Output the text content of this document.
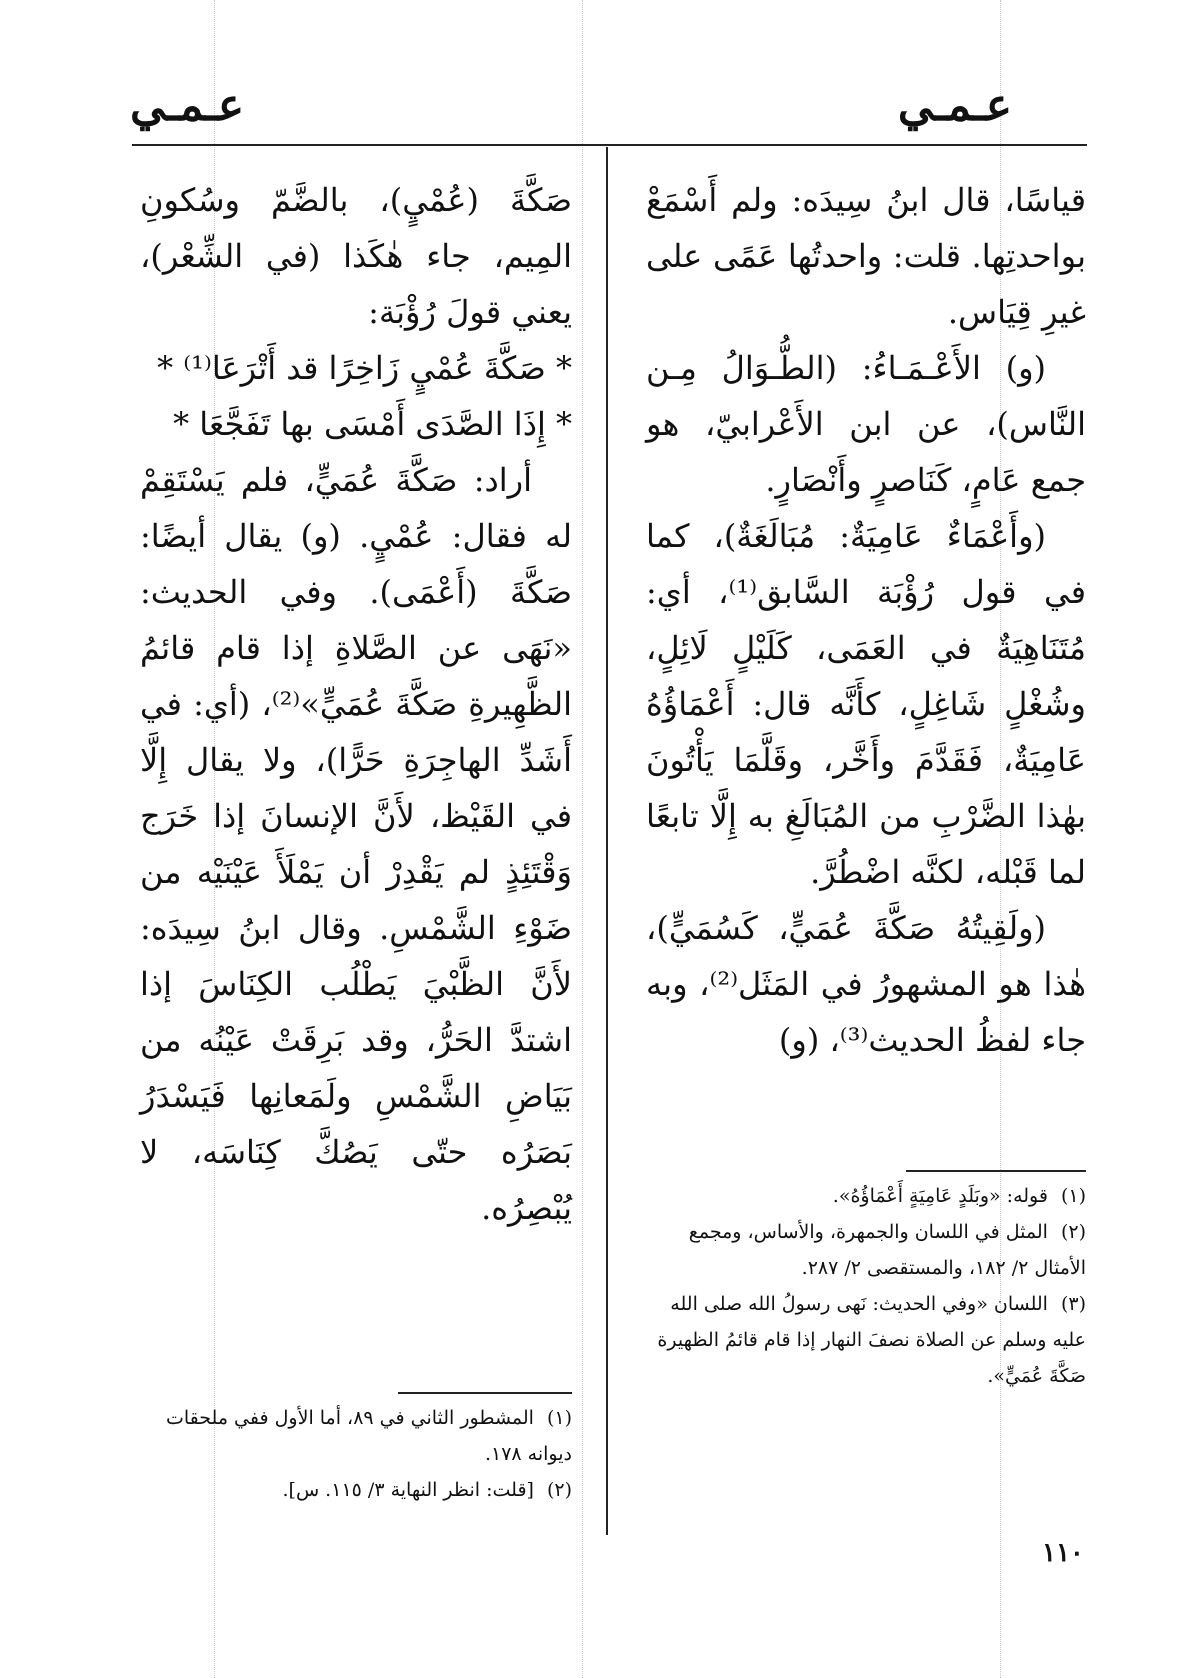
عـمـي
عـمـي

قياسًا، قال ابنُ سِيدَه: ولم أَسْمَعْ بواحدتِها. قلت: واحدتُها عَمًى على غيرِ قِيَاس.

(و) الأَعْـمَـاءُ: (الطُّـوَالُ مِـن النَّاس)، عن ابن الأَعْرابيّ، هو جمع عَامٍ، كَنَاصرٍ وأَنْصَارٍ.

(وأَعْمَاءٌ عَامِيَةٌ: مُبَالَغَةٌ)، كما في قول رُؤْبَة السَّابق⁽¹⁾، أي: مُتَنَاهِيَةٌ في العَمَى، كَلَيْلٍ لَائِلٍ، وشُغْلٍ شَاغِلٍ، كأَنَّه قال: أَعْمَاؤُهُ عَامِيَةٌ، فَقَدَّمَ وأَخَّر، وقَلَّمَا يَأْتُونَ بهٰذا الضَّرْبِ من المُبَالَغِ به إِلَّا تابعًا لما قَبْله، لكنَّه اضْطُرَّ.

(ولَقِيتُهُ صَكَّةَ عُمَيٍّ، كَسُمَيٍّ)، هٰذا هو المشهورُ في المَثَل⁽²⁾، وبه جاء لفظُ الحديث⁽³⁾، (و)

(١) قوله: «وبَلَدٍ عَامِيَةٍ أَعْمَاؤُهُ».

(٢) المثل في اللسان والجمهرة، والأساس، ومجمع الأمثال ٢/ ١٨٢، والمستقصى ٢/ ٢٨٧.

(٣) اللسان «وفي الحديث: نَهى رسولُ الله صلى الله عليه وسلم عن الصلاة نصفَ النهار إذا قام قائمُ الظهيرة صَكَّةَ عُمَيٍّ».

صَكَّةَ (عُمْيٍ)، بالضَّمّ وسُكونِ المِيم، جاء هٰكَذا (في الشِّعْر)، يعني قولَ رُؤْبَة:

* صَكَّةَ عُمْيٍ زَاخِرًا قد أَتْرَعَا⁽¹⁾ *

* إِذَا الصَّدَى أَمْسَى بها تَفَجَّعَا *

أراد: صَكَّةَ عُمَيٍّ، فلم يَسْتَقِمْ له فقال: عُمْيٍ. (و) يقال أيضًا: صَكَّةَ (أَعْمَى). وفي الحديث: «نَهَى عن الصَّلاةِ إذا قام قائمُ الظَّهِيرةِ صَكَّةَ عُمَيٍّ»⁽²⁾، (أي: في أَشَدِّ الهاجِرَةِ حَرًّا)، ولا يقال إِلَّا في القَيْظ، لأَنَّ الإنسانَ إذا خَرَج وَقْتَئِذٍ لم يَقْدِرْ أن يَمْلَأَ عَيْنَيْه من ضَوْءِ الشَّمْسِ. وقال ابنُ سِيدَه: لأَنَّ الظَّبْيَ يَطْلُب الكِنَاسَ إذا اشتدَّ الحَرُّ، وقد بَرِقَتْ عَيْنُه من بَيَاضِ الشَّمْسِ ولَمَعانِها فَيَسْدَرُ بَصَرُه حتّى يَصُكَّ كِنَاسَه، لا يُبْصِرُه.

(١) المشطور الثاني في ٨٩، أما الأول ففي ملحقات ديوانه ١٧٨.

(٢) [قلت: انظر النهاية ٣/ ١١٥. س].

١١٠
